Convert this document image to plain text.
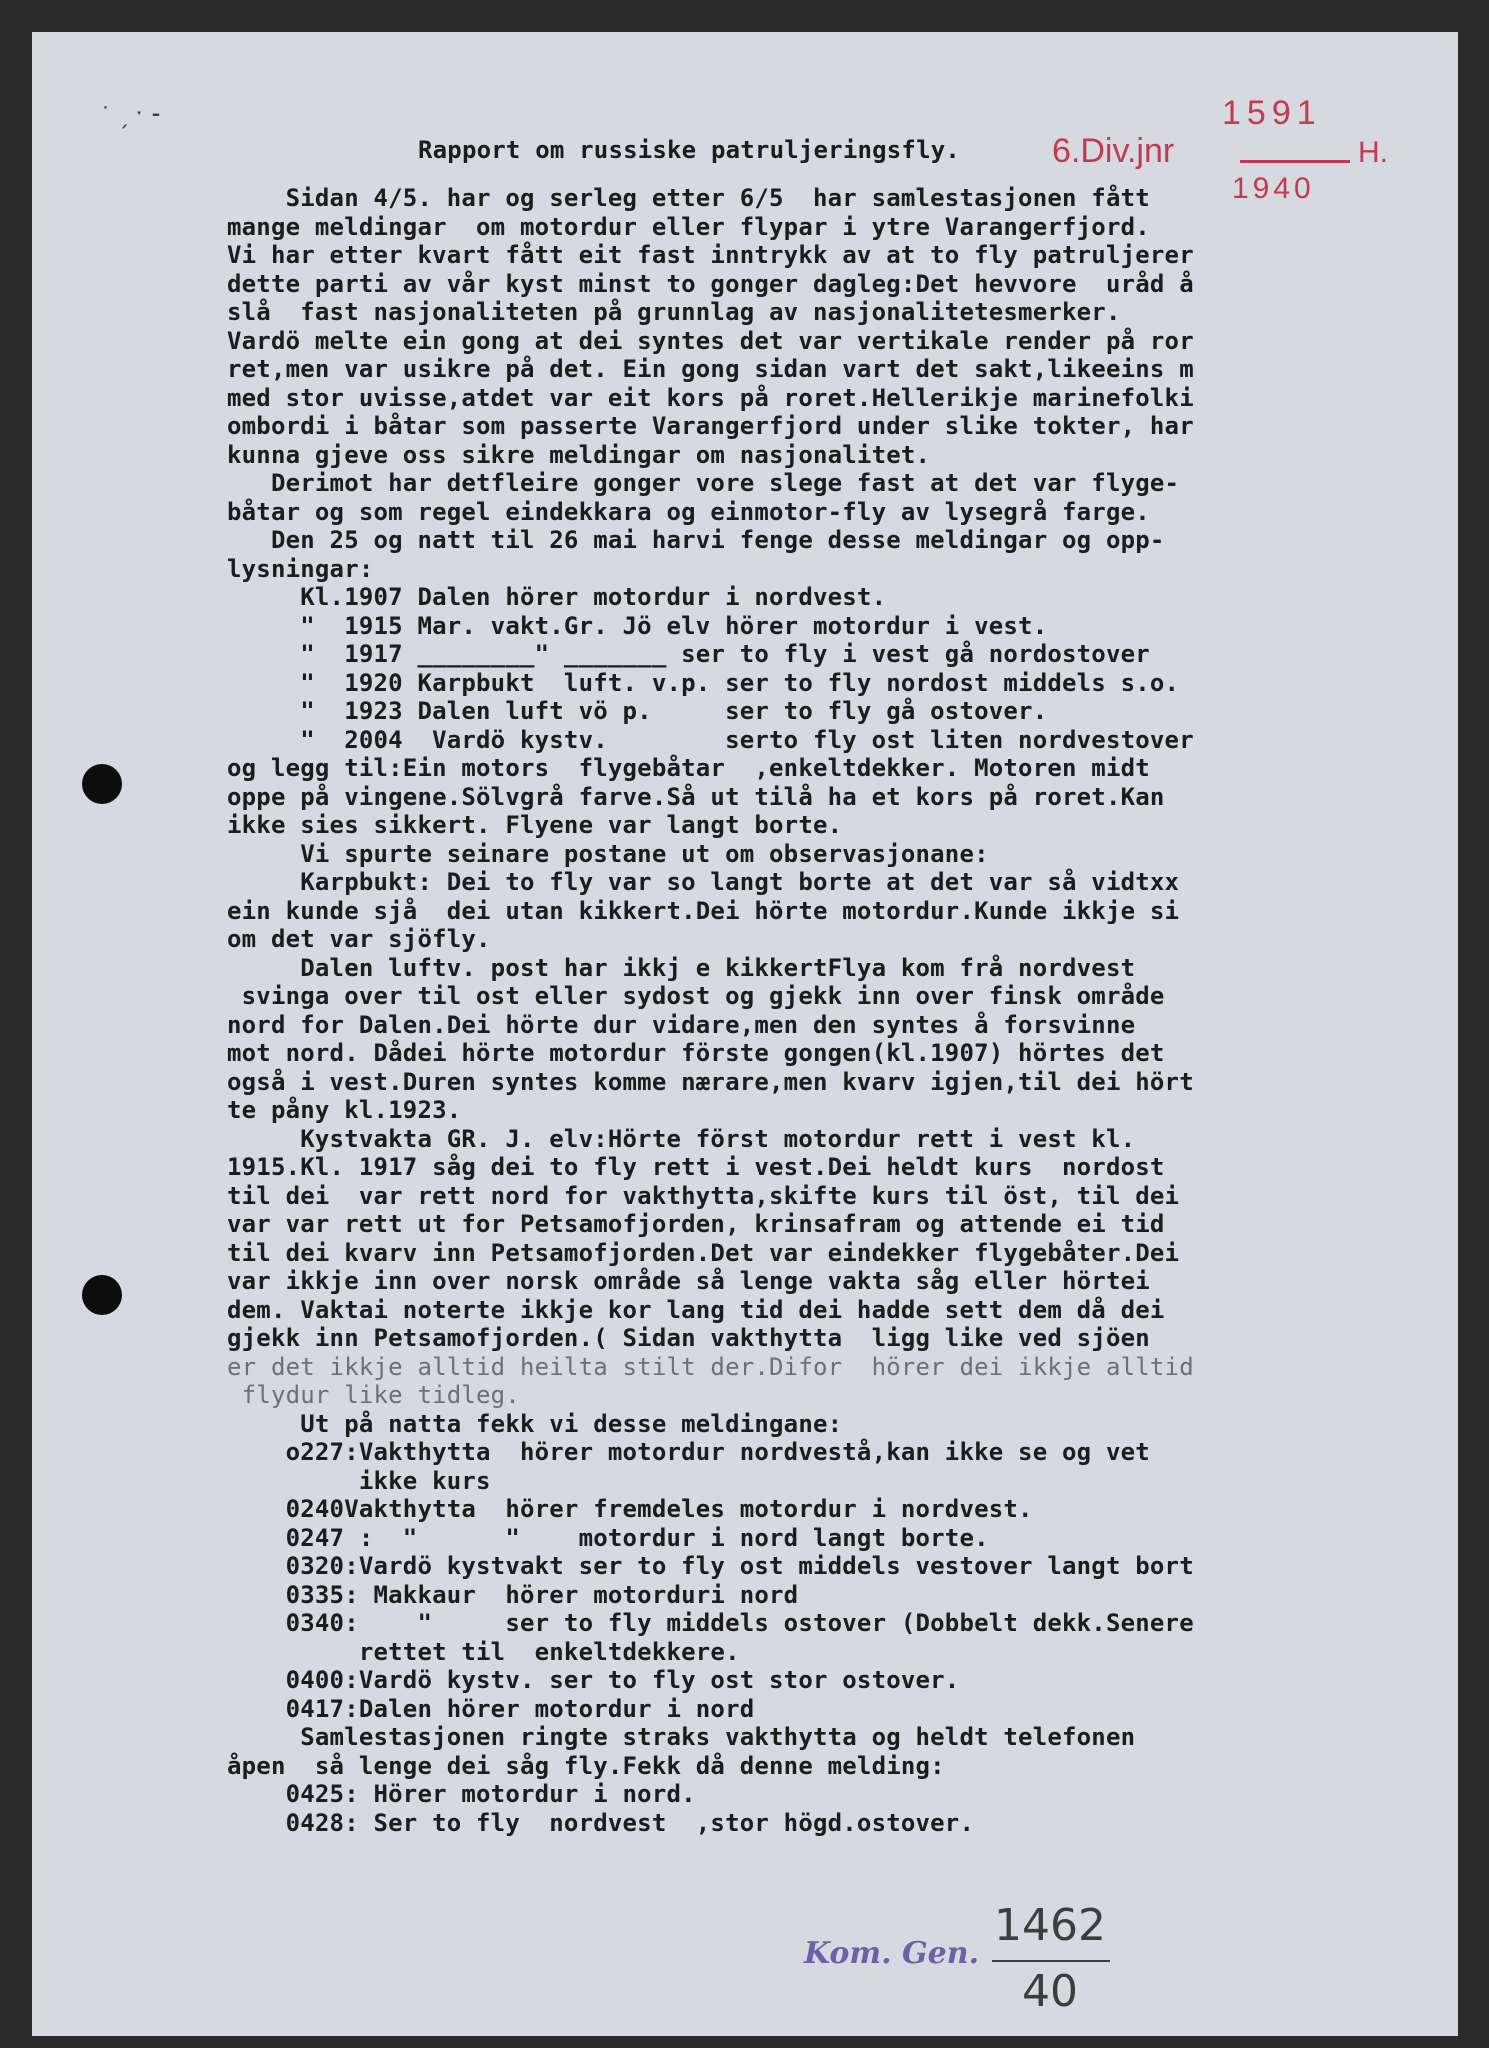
˙ ˏ ˑ ⁃	1591
6.Div.jnr	H.
1940
Rapport om russiske patruljeringsfly.
Sidan 4/5. har og serleg etter 6/5  har samlestasjonen fått
mange meldingar  om motordur eller flypar i ytre Varangerfjord.
Vi har etter kvart fått eit fast inntrykk av at to fly patruljerer
dette parti av vår kyst minst to gonger dagleg:Det hevvore  uråd å
slå  fast nasjonaliteten på grunnlag av nasjonalitetesmerker.
Vardö melte ein gong at dei syntes det var vertikale render på ror
ret,men var usikre på det. Ein gong sidan vart det sakt,likeeins m
med stor uvisse,atdet var eit kors på roret.Hellerikje marinefolki
ombordi i båtar som passerte Varangerfjord under slike tokter, har
kunna gjeve oss sikre meldingar om nasjonalitet.
Derimot har detfleire gonger vore slege fast at det var flyge-
båtar og som regel eindekkara og einmotor-fly av lysegrå farge.
Den 25 og natt til 26 mai harvi fenge desse meldingar og opp-
lysningar:
Kl.1907 Dalen hörer motordur i nordvest.
"  1915 Mar. vakt.Gr. Jö elv hörer motordur i vest.
"  1917 ________" _______ ser to fly i vest gå nordostover
"  1920 Karpbukt  luft. v.p. ser to fly nordost middels s.o.
"  1923 Dalen luft vö p.     ser to fly gå ostover.
"  2004  Vardö kystv.        serto fly ost liten nordvestover
og legg til:Ein motors  flygebåtar  ,enkeltdekker. Motoren midt
oppe på vingene.Sölvgrå farve.Så ut tilå ha et kors på roret.Kan
ikke sies sikkert. Flyene var langt borte.
Vi spurte seinare postane ut om observasjonane:
Karpbukt: Dei to fly var so langt borte at det var så vidtxx
ein kunde sjå  dei utan kikkert.Dei hörte motordur.Kunde ikkje si
om det var sjöfly.
Dalen luftv. post har ikkj e kikkertFlya kom frå nordvest
svinga over til ost eller sydost og gjekk inn over finsk område
nord for Dalen.Dei hörte dur vidare,men den syntes å forsvinne
mot nord. Dådei hörte motordur förste gongen(kl.1907) hörtes det
også i vest.Duren syntes komme nærare,men kvarv igjen,til dei hört
te pånу kl.1923.
Kystvakta GR. J. elv:Hörte först motordur rett i vest kl.
1915.Kl. 1917 såg dei to fly rett i vest.Dei heldt kurs  nordost
til dei  var rett nord for vakthytta,skifte kurs til öst, til dei
var var rett ut for Petsamofjorden, krinsafram og attende ei tid
til dei kvarv inn Petsamofjorden.Det var eindekker flygebåter.Dei
var ikkje inn over norsk område så lenge vakta såg eller hörtei
dem. Vaktai noterte ikkje kor lang tid dei hadde sett dem då dei
gjekk inn Petsamofjorden.( Sidan vakthytta  ligg like ved sjöen
er det ikkje alltid heilta stilt der.Difor  hörer dei ikkje alltid
flydur like tidleg.
Ut på natta fekk vi desse meldingane:
o227:Vakthytta  hörer motordur nordvestå,kan ikke se og vet
ikke kurs
0240Vakthytta  hörer fremdeles motordur i nordvest.
0247 :  "      "    motordur i nord langt borte.
0320:Vardö kystvakt ser to fly ost middels vestover langt bort
0335: Makkaur  hörer motorduri nord
0340:    "     ser to fly middels ostover (Dobbelt dekk.Senere
rettet til  enkeltdekkere.
0400:Vardö kystv. ser to fly ost stor ostover.
0417:Dalen hörer motordur i nord
Samlestasjonen ringte straks vakthytta og heldt telefonen
åpen  så lenge dei såg fly.Fekk då denne melding:
0425: Hörer motordur i nord.
0428: Ser to fly  nordvest  ,stor högd.ostover.
Kom. Gen.
1462
40
